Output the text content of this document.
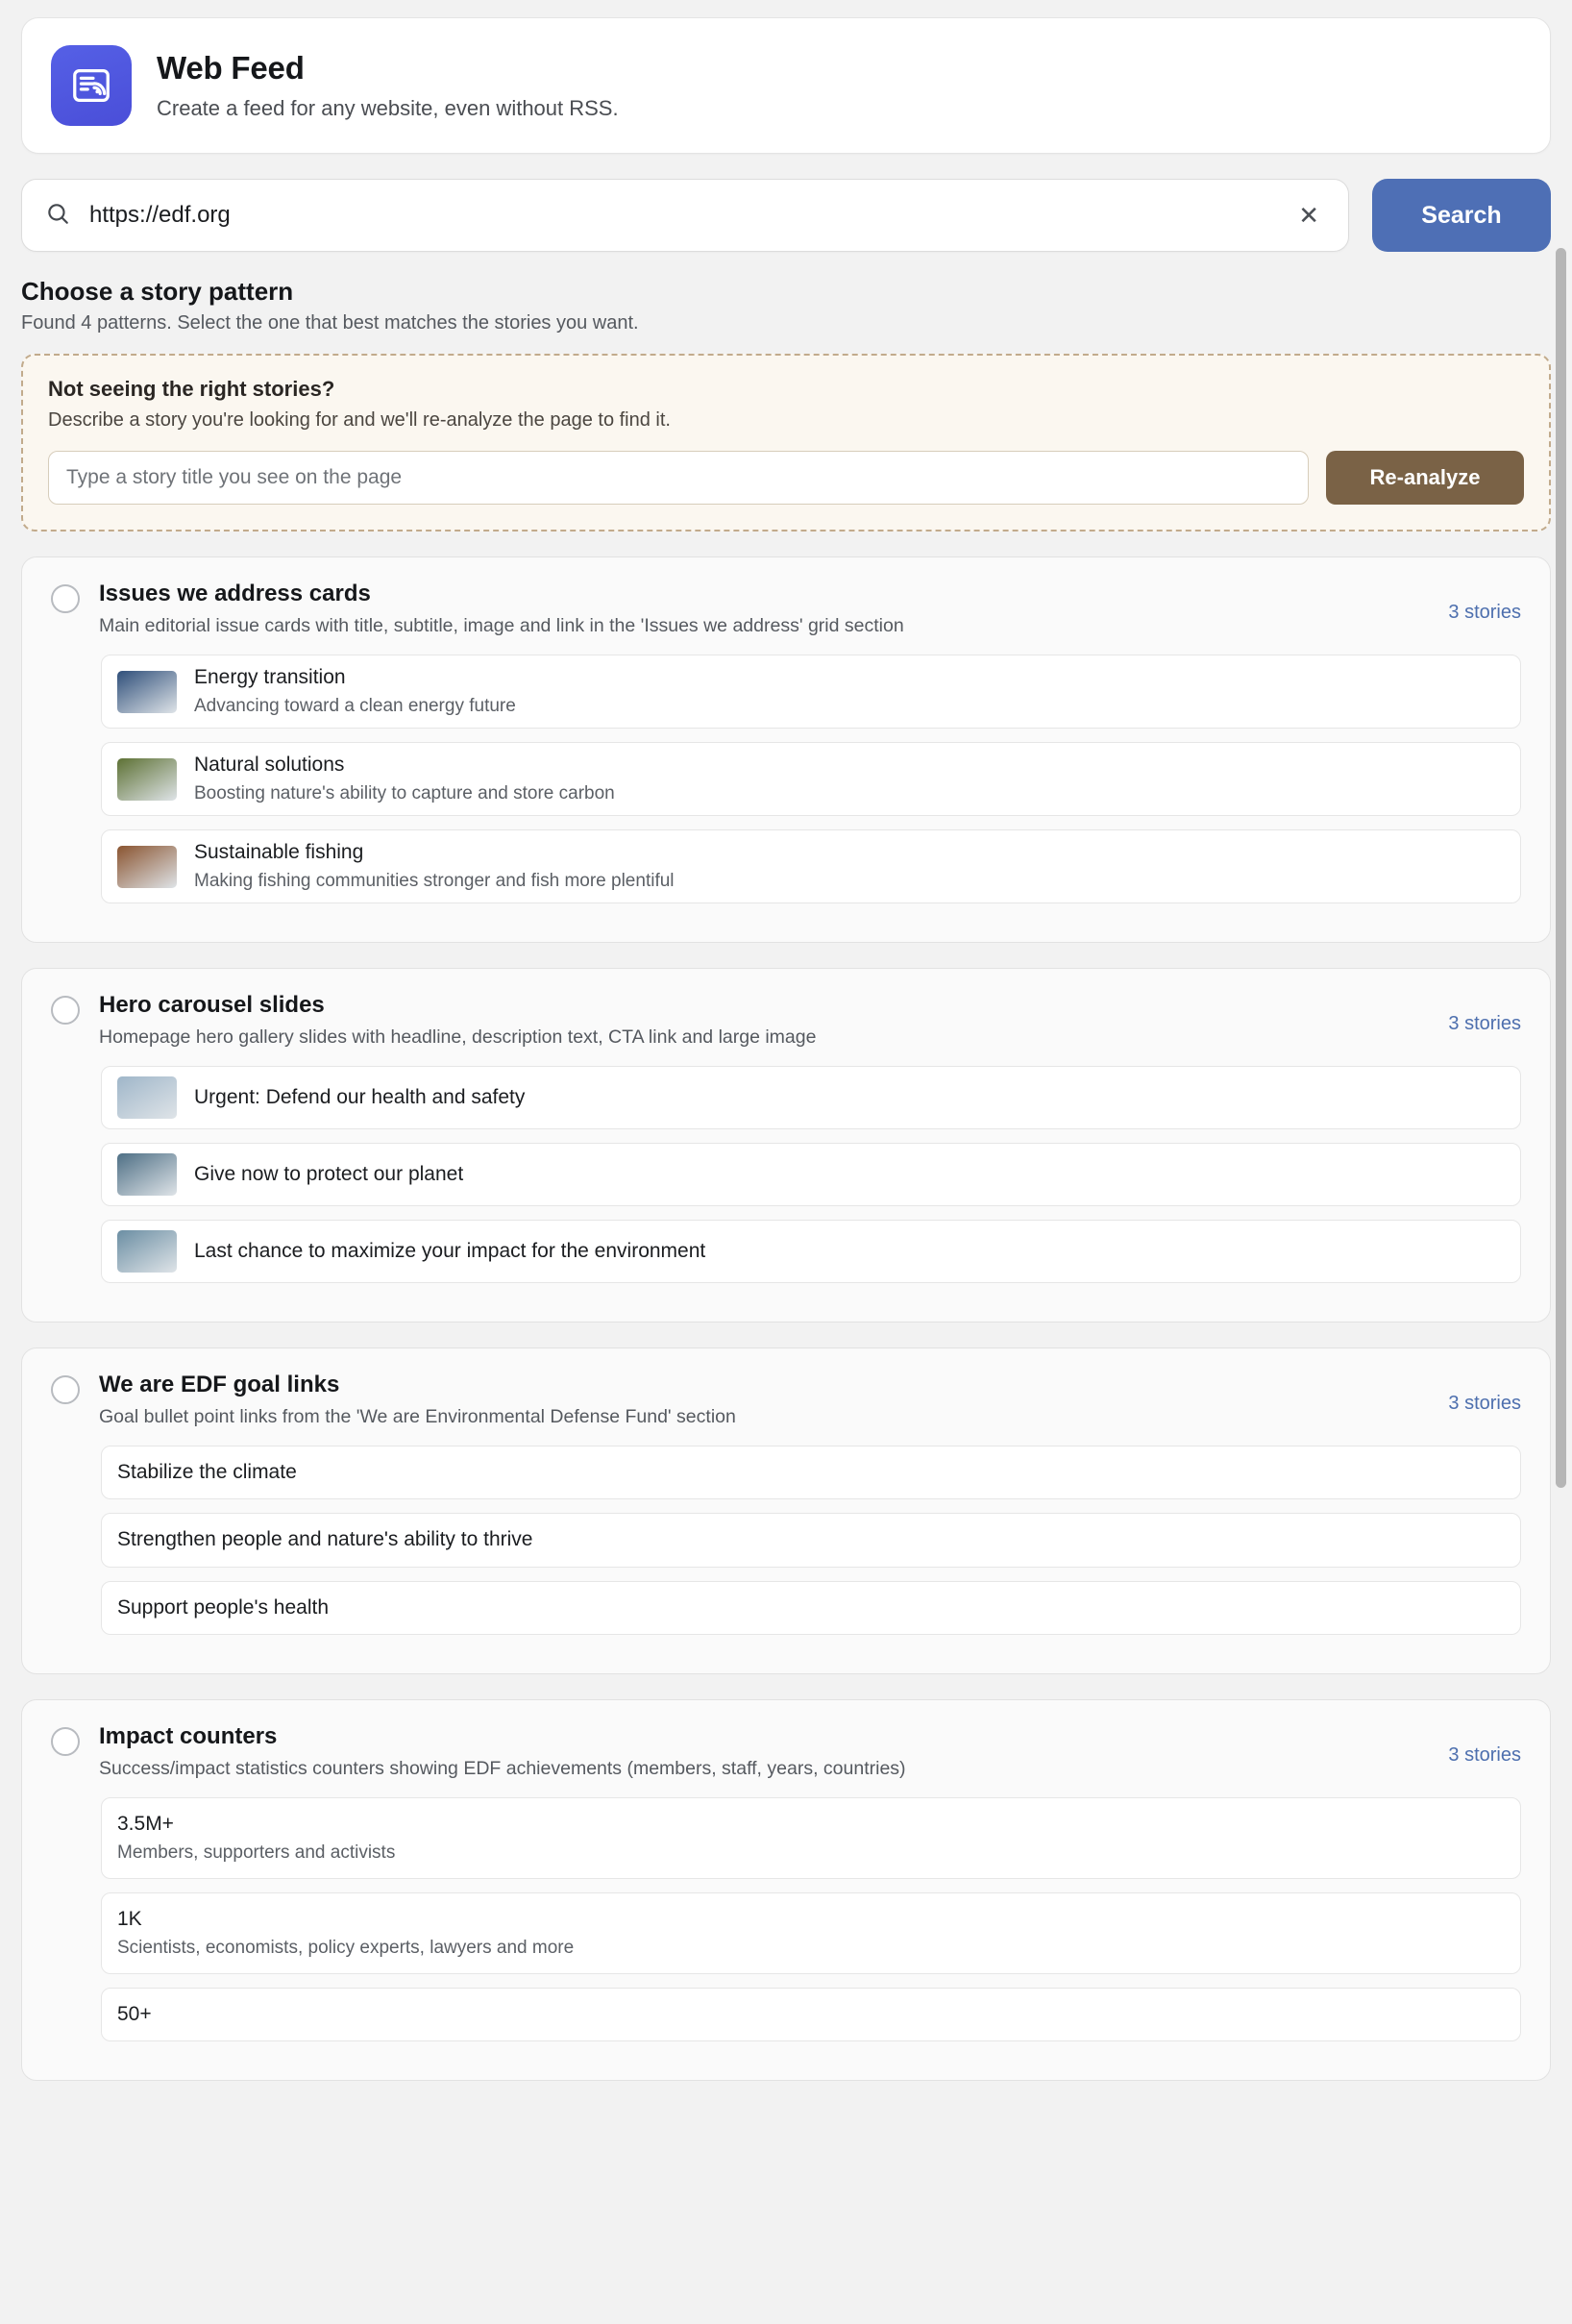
Web Feed

Create a feed for any website, even without RSS.

https://edf.org
✕	Search
Choose a story pattern

Found 4 patterns. Select the one that best matches the stories you want.

Not seeing the right stories?

Describe a story you're looking for and we'll re-analyze the page to find it.

Type a story title you see on the page
Re-analyze

Issues we address cards

Main editorial issue cards with title, subtitle, image and link in the 'Issues we address' grid section

3 stories

Energy transition

Advancing toward a clean energy future

Natural solutions

Boosting nature's ability to capture and store carbon

Sustainable fishing

Making fishing communities stronger and fish more plentiful

Hero carousel slides

Homepage hero gallery slides with headline, description text, CTA link and large image

3 stories

Urgent: Defend our health and safety

Give now to protect our planet

Last chance to maximize your impact for the environment

We are EDF goal links

Goal bullet point links from the 'We are Environmental Defense Fund' section

3 stories

Stabilize the climate

Strengthen people and nature's ability to thrive

Support people's health

Impact counters

Success/impact statistics counters showing EDF achievements (members, staff, years, countries)

3 stories

3.5M+

Members, supporters and activists

1K

Scientists, economists, policy experts, lawyers and more

50+
